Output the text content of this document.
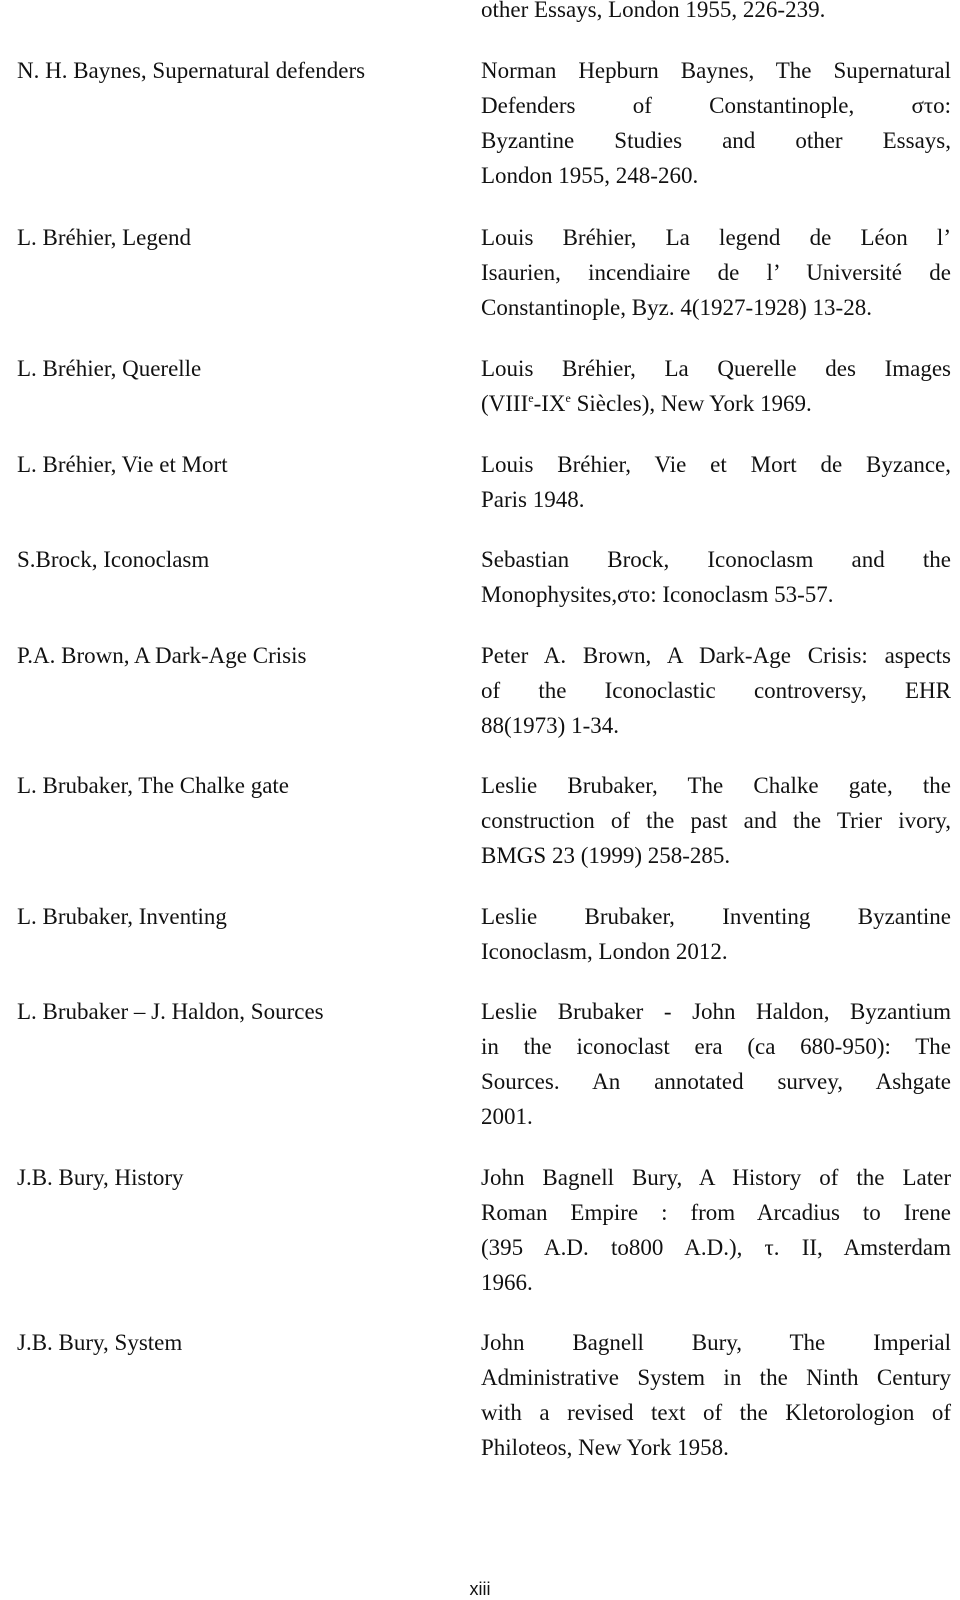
other Essays, London 1955, 226-239.
N. H. Baynes, Supernatural defenders	Norman Hepburn Baynes, The Supernatural
Defenders of Constantinople, στο:
Byzantine Studies and other Essays,
London 1955, 248-260.
L. Bréhier, Legend	Louis Bréhier, La legend de Léon l’
Isaurien, incendiaire de l’ Université de
Constantinople, Byz. 4(1927-1928) 13-28.
L. Bréhier, Querelle	Louis Bréhier, La Querelle des Images
(VIIIe-IXe Siècles), New York 1969.
L. Bréhier, Vie et Mort	Louis Bréhier, Vie et Mort de Byzance,
Paris 1948.
S.Brock, Iconoclasm	Sebastian Brock, Iconoclasm and the
Monophysites,στο: Iconoclasm 53-57.
P.A. Brown, A Dark-Age Crisis	Peter A. Brown, A Dark-Age Crisis: aspects
of the Iconoclastic controversy, EHR
88(1973) 1-34.
L. Brubaker, The Chalke gate	Leslie Brubaker, The Chalke gate, the
construction of the past and the Trier ivory,
BMGS 23 (1999) 258-285.
L. Brubaker, Inventing	Leslie Brubaker, Inventing Byzantine
Iconoclasm, London 2012.
L. Brubaker – J. Haldon, Sources	Leslie Brubaker - John Haldon, Byzantium
in the iconoclast era (ca 680-950): The
Sources. An annotated survey, Ashgate
2001.
J.B. Bury, History	John Bagnell Bury, A History of the Later
Roman Empire : from Arcadius to Irene
(395 A.D. to800 A.D.), τ. II, Amsterdam
1966.
J.B. Bury, System	John Bagnell Bury, The Imperial
Administrative System in the Ninth Century
with a revised text of the Kletorologion of
Philoteos, New York 1958.
xiii
